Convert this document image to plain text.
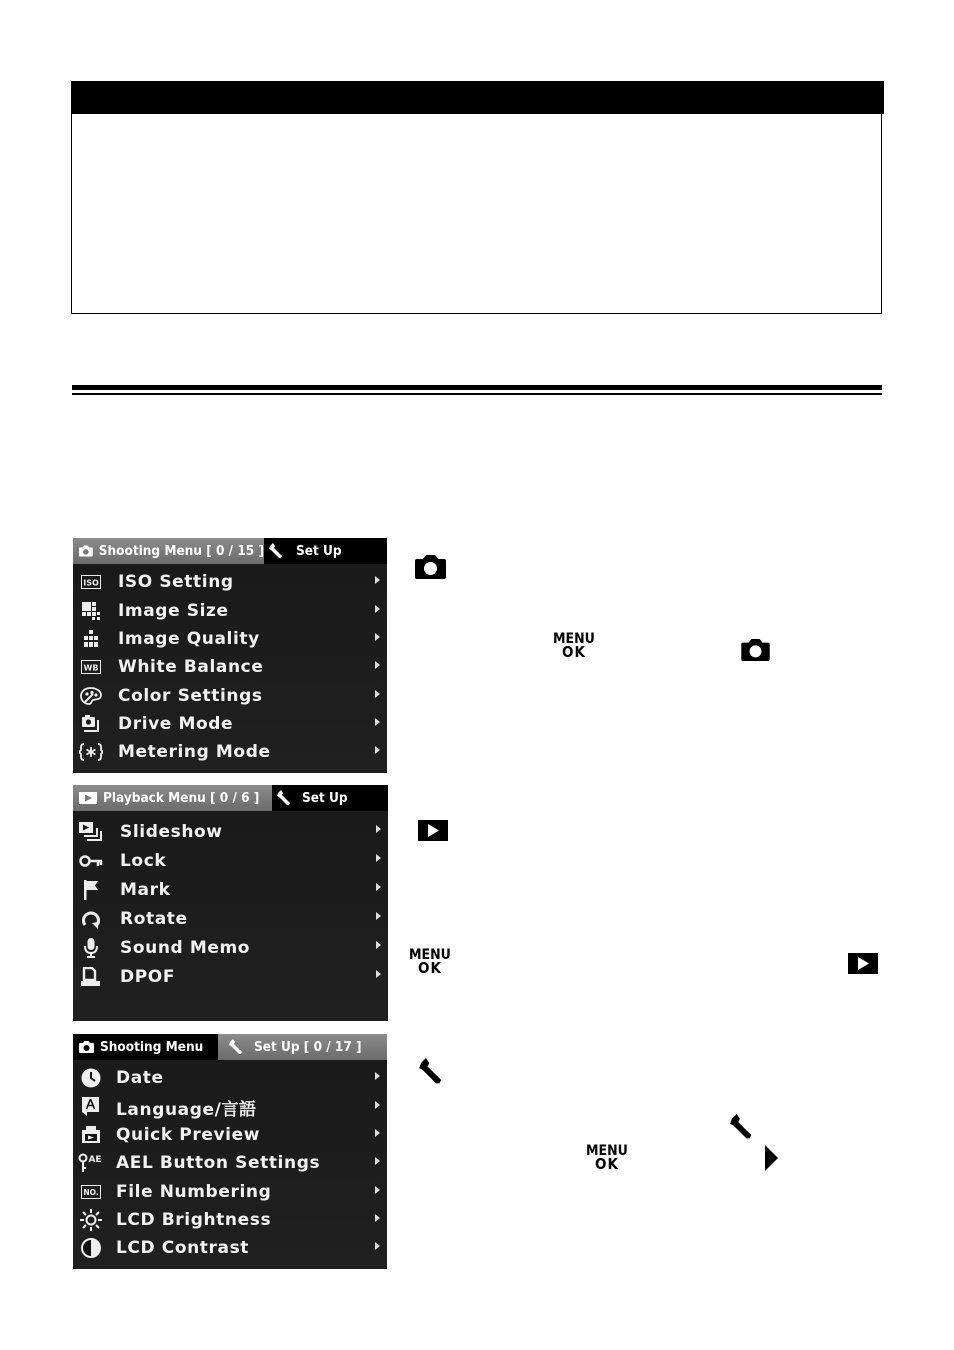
Shooting Menu [ 0 / 15 ] Set Up
ISO ISO Setting
Image Size
Image Quality
WB White Balance
Color Settings
Drive Mode
Metering Mode
Playback Menu [ 0 / 6 ]	Set Up
Slideshow
Lock
Mark
Rotate
Sound Memo
DPOF
Shooting Menu	Set Up [ 0 / 17 ]
Date
Language/言語
Quick Preview
AE AEL Button Settings
NO. File Numbering
LCD Brightness
LCD Contrast
MENU
OK
MENU
OK
MENU
OK
